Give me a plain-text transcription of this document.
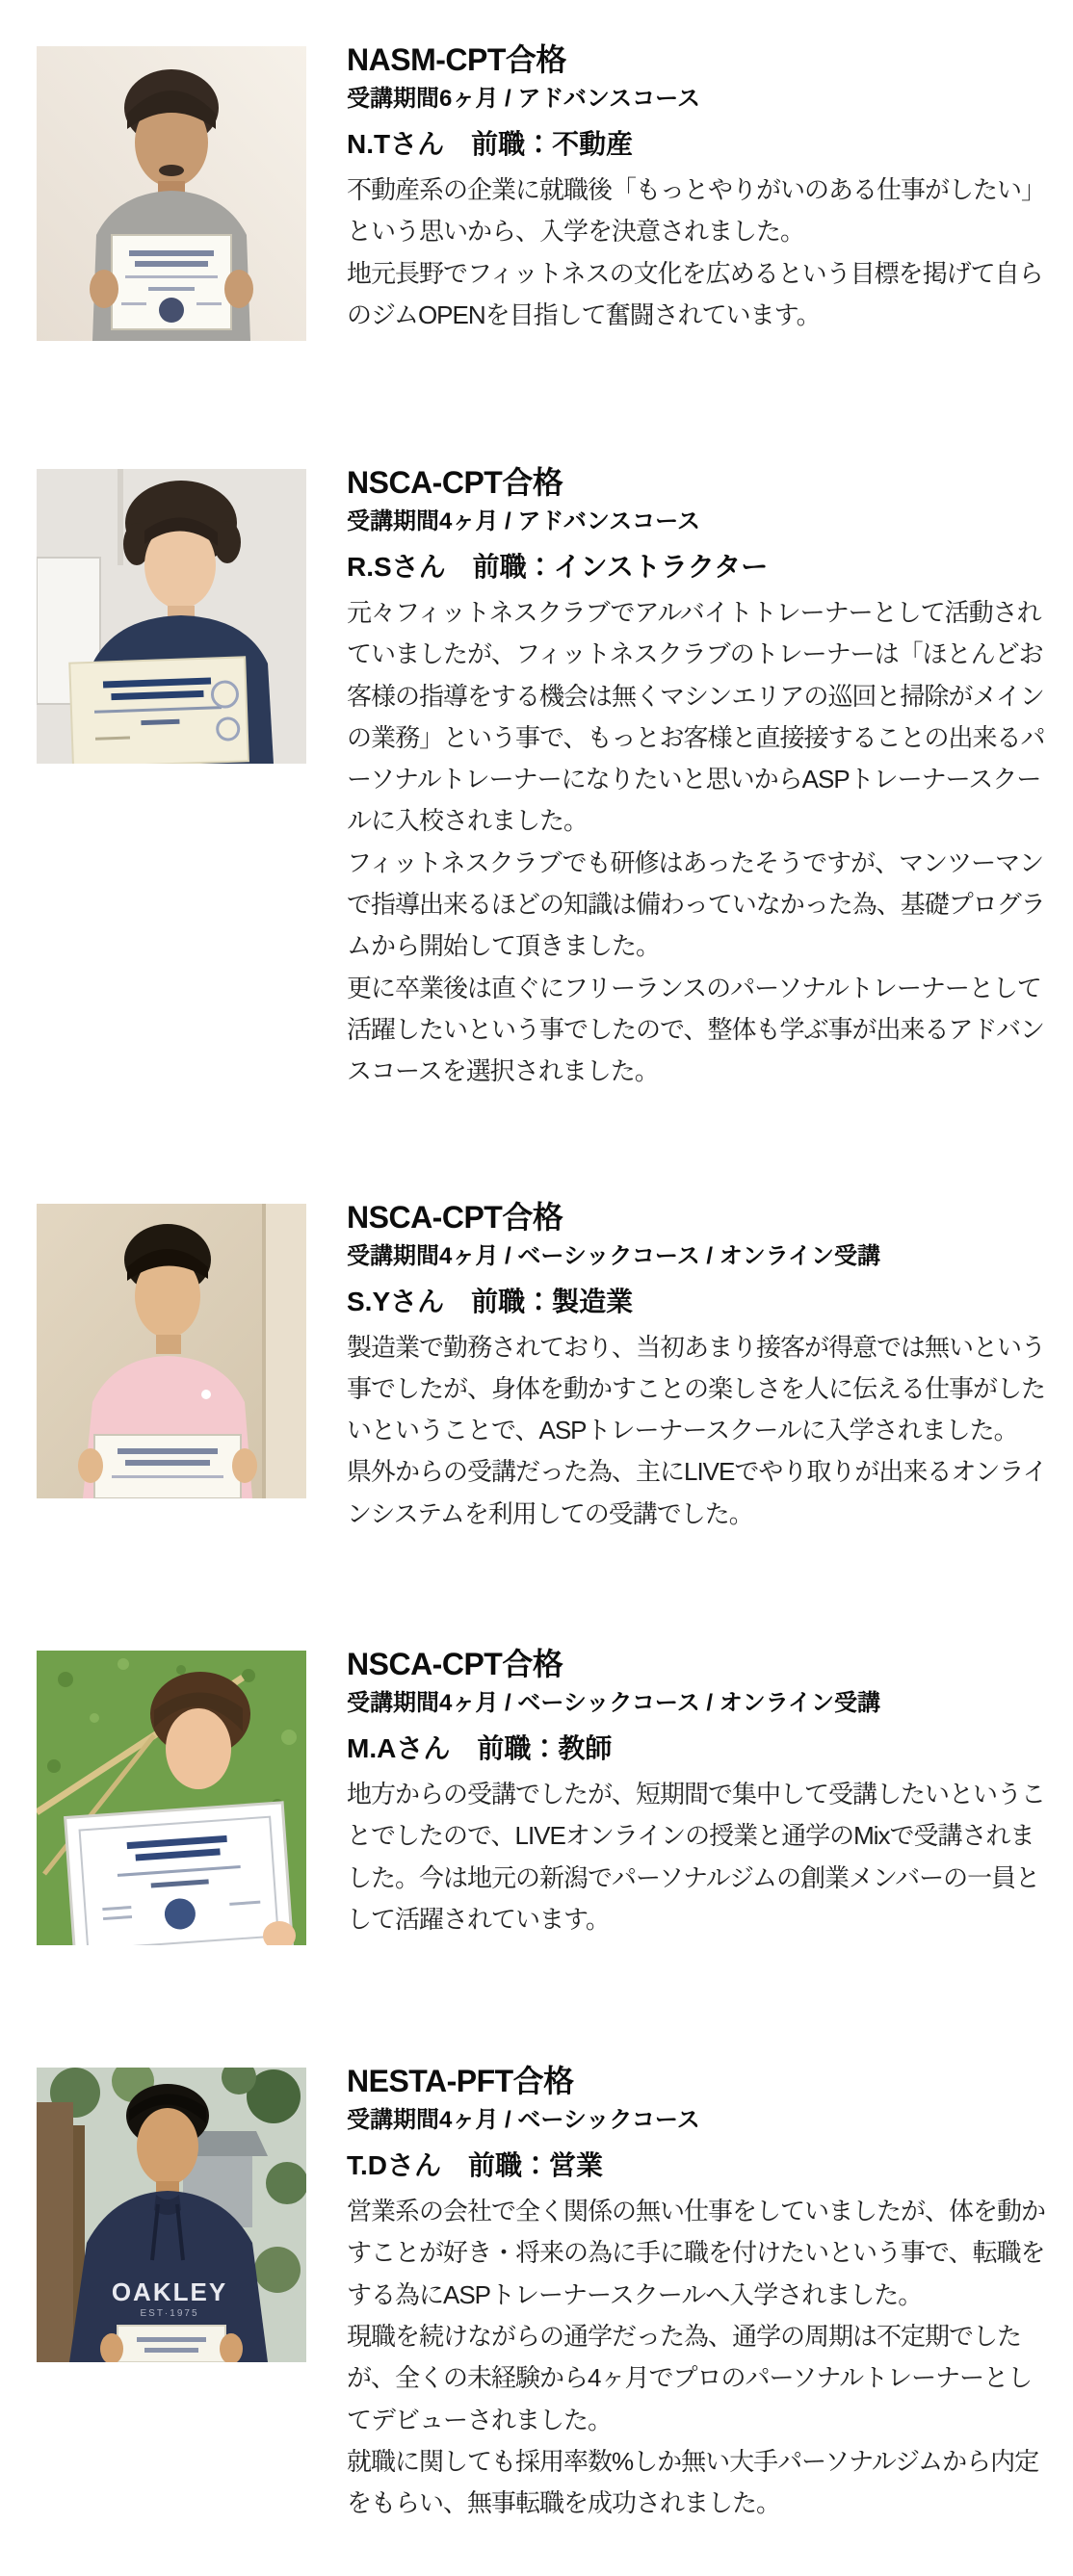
NASM-CPT合格
受講期間6ヶ月 / アドバンスコース
N.Tさん　前職：不動産

不動産系の企業に就職後「もっとやりがいのある仕事がしたい」という思いから、入学を決意されました。

地元長野でフィットネスの文化を広めるという目標を掲げて自らのジムOPENを目指して奮闘されています。

NSCA-CPT合格
受講期間4ヶ月 / アドバンスコース
R.Sさん　前職：インストラクター

元々フィットネスクラブでアルバイトトレーナーとして活動されていましたが、フィットネスクラブのトレーナーは「ほとんどお客様の指導をする機会は無くマシンエリアの巡回と掃除がメインの業務」という事で、もっとお客様と直接接することの出来るパーソナルトレーナーになりたいと思いからASPトレーナースクールに入校されました。

フィットネスクラブでも研修はあったそうですが、マンツーマンで指導出来るほどの知識は備わっていなかった為、基礎プログラムから開始して頂きました。

更に卒業後は直ぐにフリーランスのパーソナルトレーナーとして活躍したいという事でしたので、整体も学ぶ事が出来るアドバンスコースを選択されました。

NSCA-CPT合格
受講期間4ヶ月 / ベーシックコース / オンライン受講
S.Yさん　前職：製造業

製造業で勤務されており、当初あまり接客が得意では無いという事でしたが、身体を動かすことの楽しさを人に伝える仕事がしたいということで、ASPトレーナースクールに入学されました。

県外からの受講だった為、主にLIVEでやり取りが出来るオンラインシステムを利用しての受講でした。

NSCA-CPT合格
受講期間4ヶ月 / ベーシックコース / オンライン受講
M.Aさん　前職：教師

地方からの受講でしたが、短期間で集中して受講したいということでしたので、LIVEオンラインの授業と通学のMixで受講されました。今は地元の新潟でパーソナルジムの創業メンバーの一員として活躍されています。

OAKLEY
EST·1975
NESTA-PFT合格
受講期間4ヶ月 / ベーシックコース
T.Dさん　前職：営業

営業系の会社で全く関係の無い仕事をしていましたが、体を動かすことが好き・将来の為に手に職を付けたいという事で、転職をする為にASPトレーナースクールへ入学されました。

現職を続けながらの通学だった為、通学の周期は不定期でしたが、全くの未経験から4ヶ月でプロのパーソナルトレーナーとしてデビューされました。

就職に関しても採用率数%しか無い大手パーソナルジムから内定をもらい、無事転職を成功されました。
